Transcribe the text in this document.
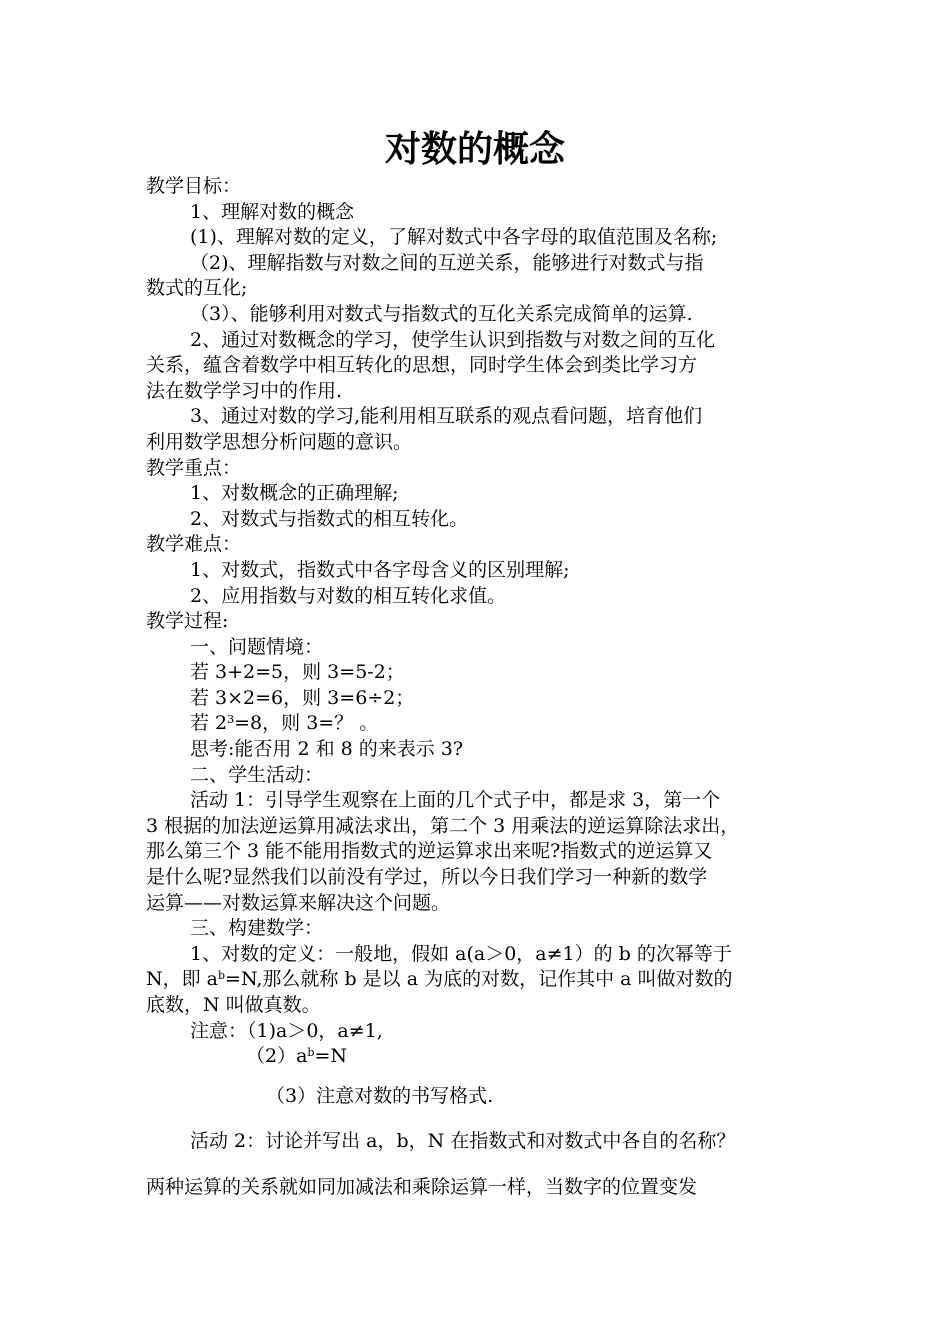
对数的概念
教学目标：
1、理解对数的概念
(1)、理解对数的定义，了解对数式中各字母的取值范围及名称;
（2)、理解指数与对数之间的互逆关系，能够进行对数式与指
数式的互化;
（3）、能够利用对数式与指数式的互化关系完成简单的运算.
2、通过对数概念的学习，使学生认识到指数与对数之间的互化
关系，蕴含着数学中相互转化的思想，同时学生体会到类比学习方
法在数学学习中的作用.
3、通过对数的学习,能利用相互联系的观点看问题，培育他们
利用数学思想分析问题的意识。
教学重点：
1、对数概念的正确理解;
2、对数式与指数式的相互转化。
教学难点：
1、对数式，指数式中各字母含义的区别理解;
2、应用指数与对数的相互转化求值。
教学过程:
一、问题情境：
若 3+2=5，则 3=5-2；
若 3×2=6，则 3=6÷2；
若 $2^3=8$，则 3=？ 。
思考:能否用 2 和 8 的来表示 3?
二、学生活动：
活动 1：引导学生观察在上面的几个式子中，都是求 3，第一个
3 根据的加法逆运算用减法求出，第二个 3 用乘法的逆运算除法求出，
那么第三个 3 能不能用指数式的逆运算求出来呢?指数式的逆运算又
是什么呢?显然我们以前没有学过，所以今日我们学习一种新的数学
运算——对数运算来解决这个问题。
三、构建数学：
1、对数的定义：一般地，假如 a(a＞0，a≠1）的 b 的次幂等于
N，即 $a^b=N$,那么就称 b 是以 a 为底的对数，记作其中 a 叫做对数的
底数，N 叫做真数。
注意：（1)a＞0，a≠1,
$(2)a^b=N$
（3）注意对数的书写格式.
活动 2：讨论并写出 a，b，N 在指数式和对数式中各自的名称？
两种运算的关系就如同加减法和乘除运算一样，当数字的位置变发
